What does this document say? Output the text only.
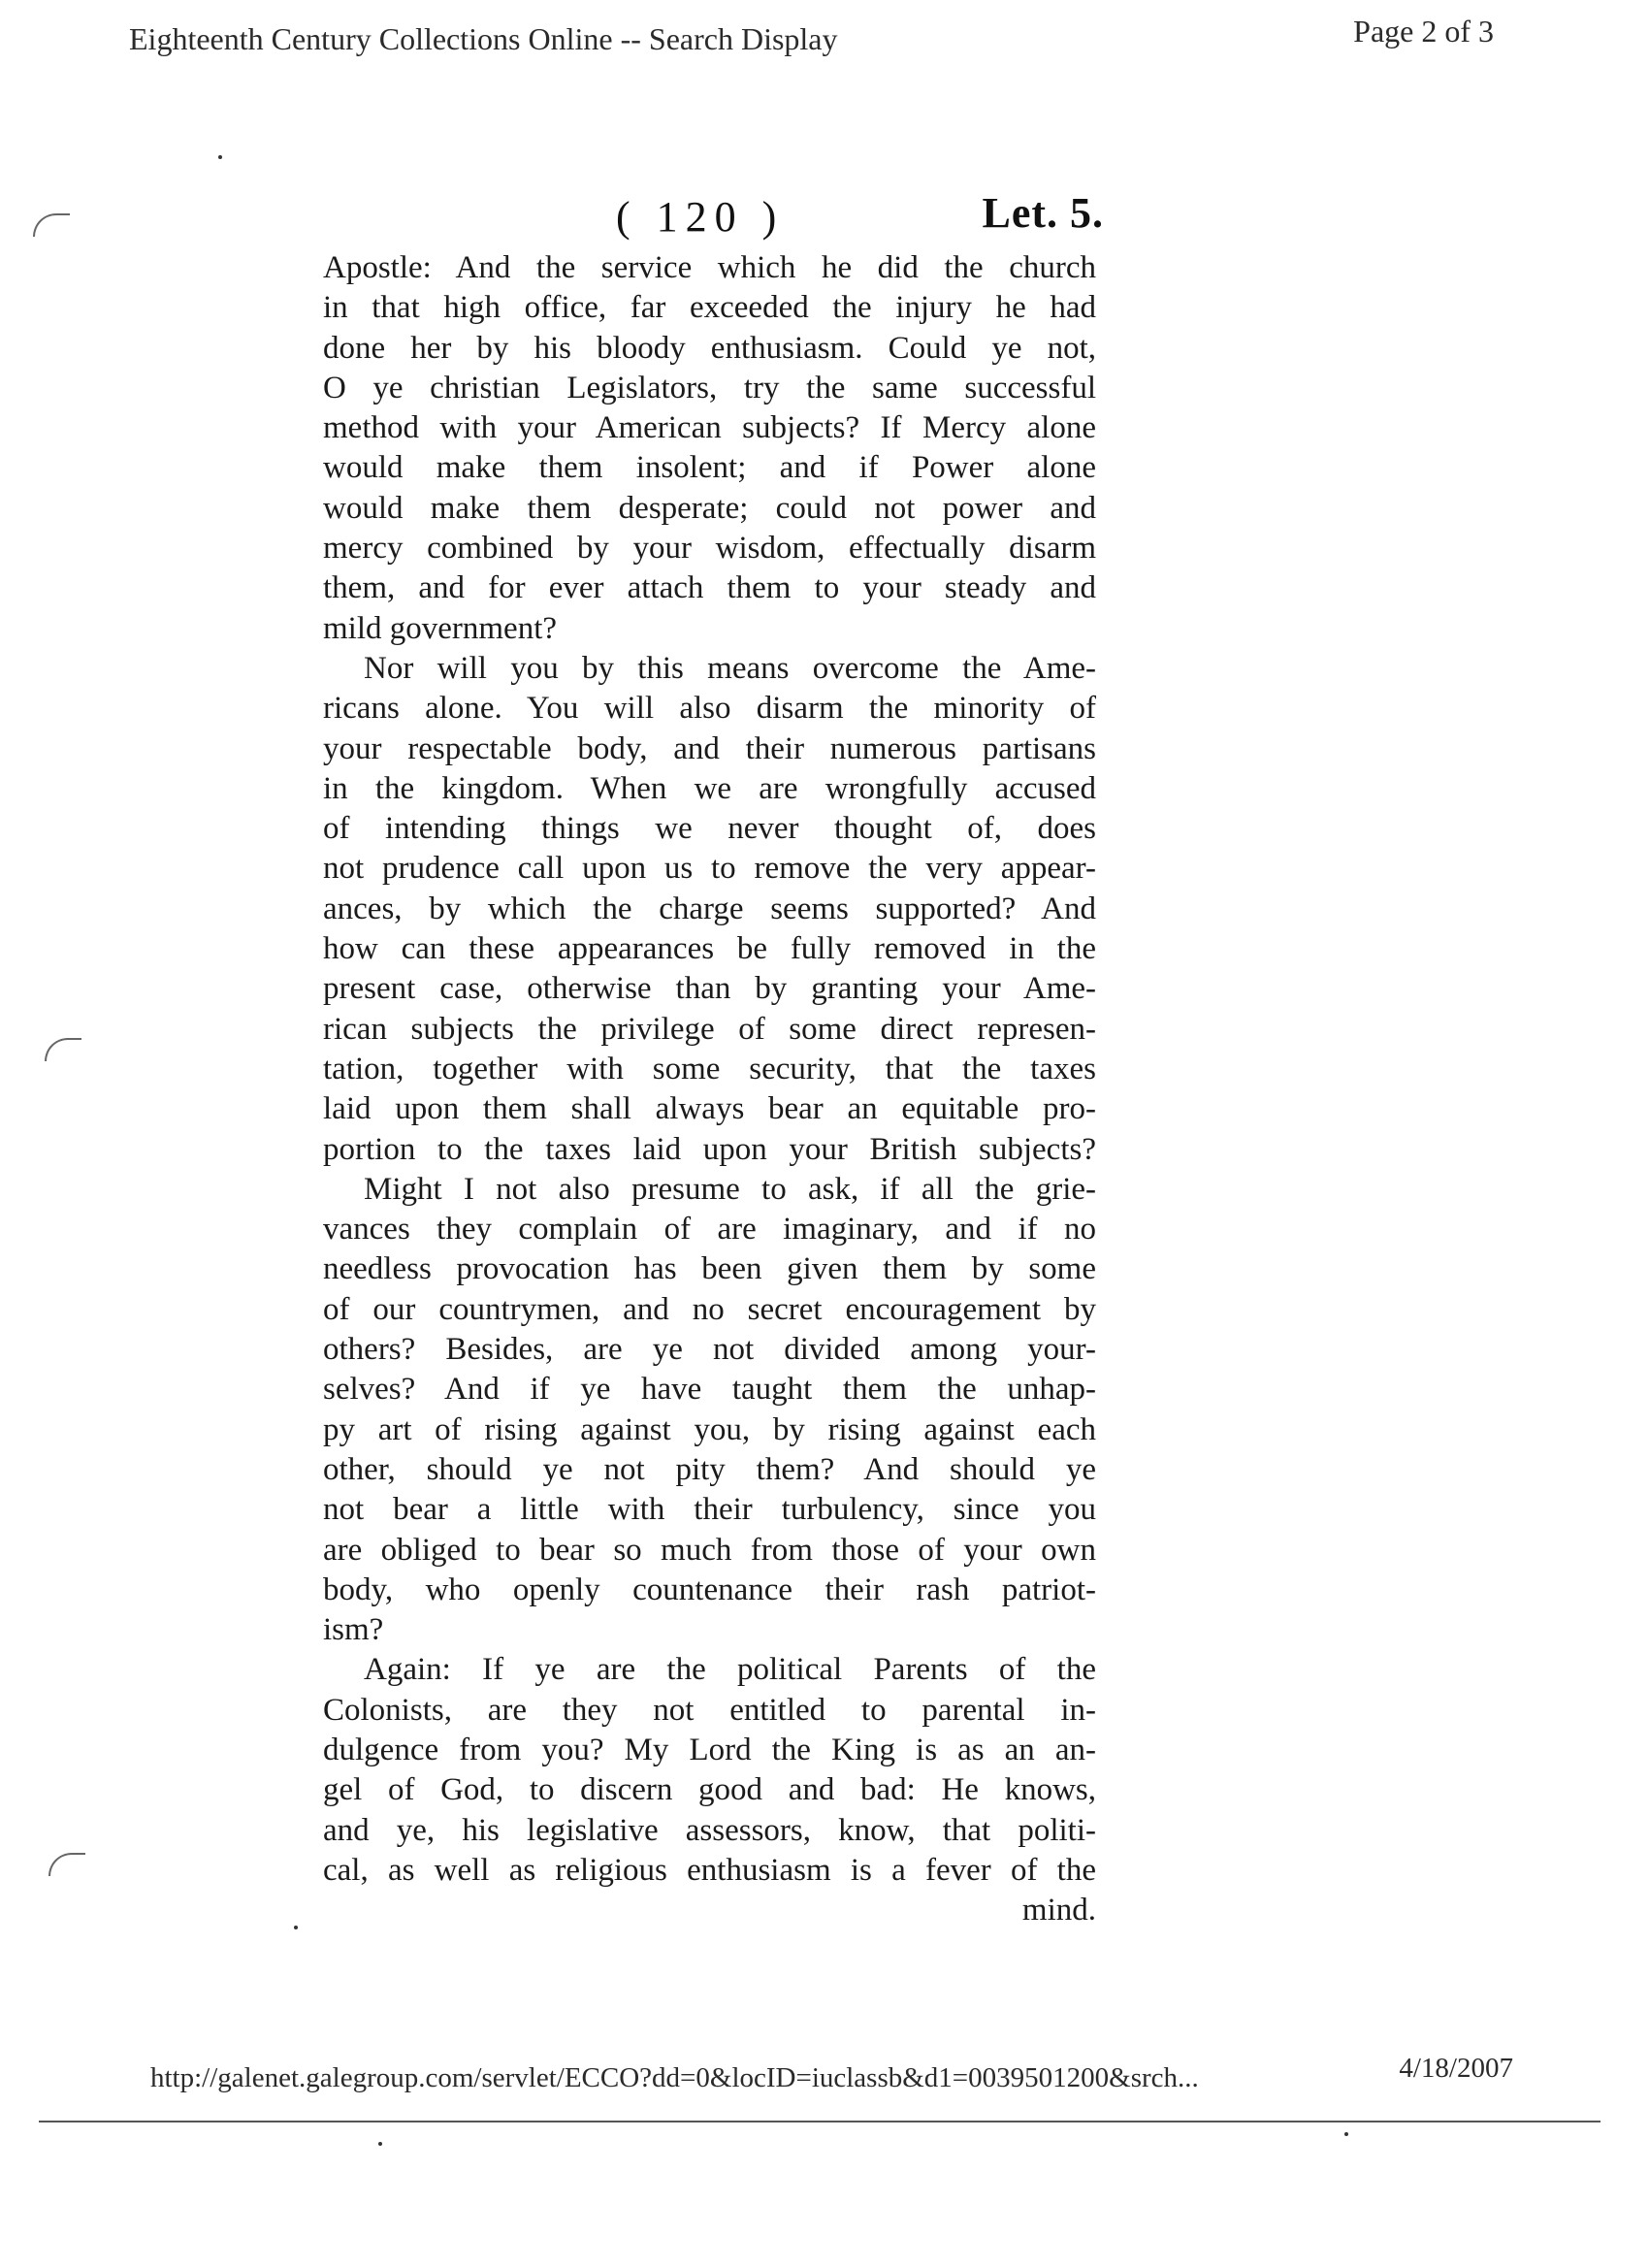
Eighteenth Century Collections Online -- Search Display	Page 2 of 3
( 120 )	Let. 5.
Apostle: And the service which he did the church
in that high office, far exceeded the injury he had
done her by his bloody enthusiasm. Could ye not,
O ye christian Legislators, try the same successful
method with your American subjects? If Mercy alone
would make them insolent; and if Power alone
would make them desperate; could not power and
mercy combined by your wisdom, effectually disarm
them, and for ever attach them to your steady and
mild government?
Nor will you by this means overcome the Ame-
ricans alone. You will also disarm the minority of
your respectable body, and their numerous partisans
in the kingdom. When we are wrongfully accused
of intending things we never thought of, does
not prudence call upon us to remove the very appear-
ances, by which the charge seems supported? And
how can these appearances be fully removed in the
present case, otherwise than by granting your Ame-
rican subjects the privilege of some direct represen-
tation, together with some security, that the taxes
laid upon them shall always bear an equitable pro-
portion to the taxes laid upon your British subjects?
Might I not also presume to ask, if all the grie-
vances they complain of are imaginary, and if no
needless provocation has been given them by some
of our countrymen, and no secret encouragement by
others? Besides, are ye not divided among your-
selves? And if ye have taught them the unhap-
py art of rising against you, by rising against each
other, should ye not pity them? And should ye
not bear a little with their turbulency, since you
are obliged to bear so much from those of your own
body, who openly countenance their rash patriot-
ism?
Again: If ye are the political Parents of the
Colonists, are they not entitled to parental in-
dulgence from you? My Lord the King is as an an-
gel of God, to discern good and bad: He knows,
and ye, his legislative assessors, know, that politi-
cal, as well as religious enthusiasm is a fever of the
mind.
http://galenet.galegroup.com/servlet/ECCO?dd=0&locID=iuclassb&d1=0039501200&srch...	4/18/2007
